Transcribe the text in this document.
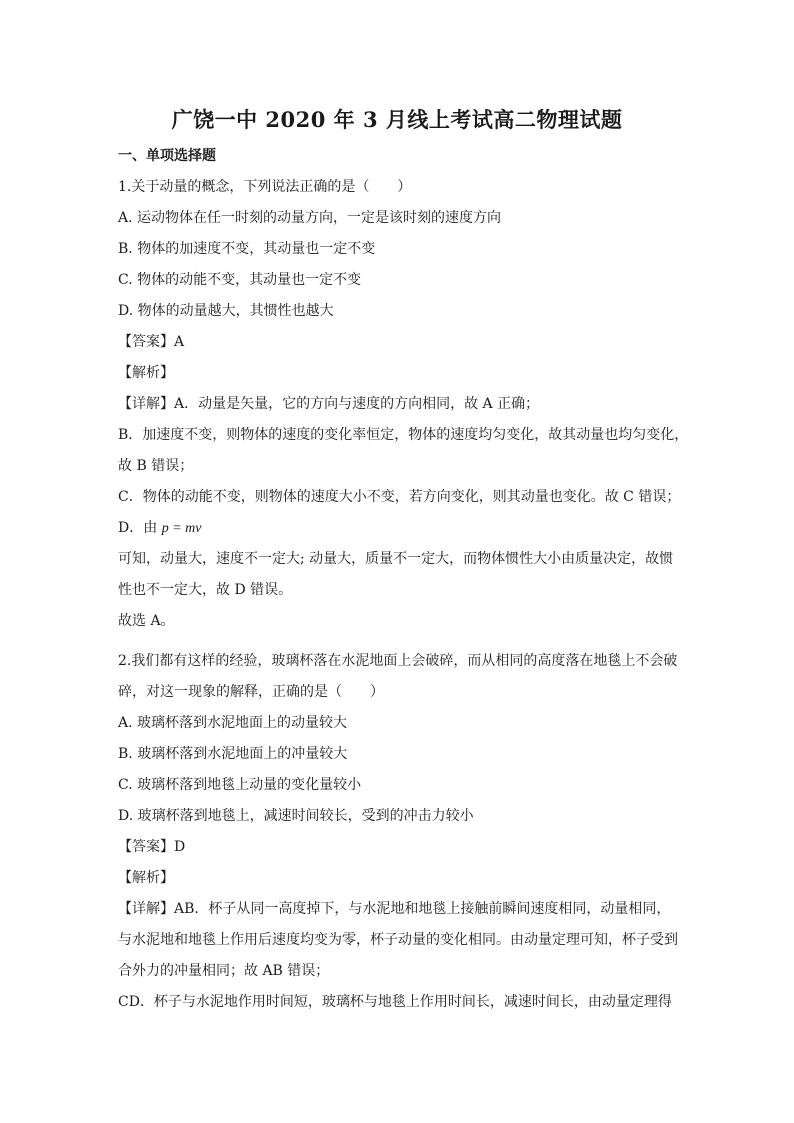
广饶一中 2020 年 3 月线上考试高二物理试题
一、单项选择题
1.关于动量的概念，下列说法正确的是（　　）
A. 运动物体在任一时刻的动量方向，一定是该时刻的速度方向
B. 物体的加速度不变，其动量也一定不变
C. 物体的动能不变，其动量也一定不变
D. 物体的动量越大，其惯性也越大
【答案】A
【解析】
【详解】A．动量是矢量，它的方向与速度的方向相同，故 A 正确；
B．加速度不变，则物体的速度的变化率恒定，物体的速度均匀变化，故其动量也均匀变化，
故 B 错误；
C．物体的动能不变，则物体的速度大小不变，若方向变化，则其动量也变化。故 C 错误；
D．由 p = mv
可知，动量大，速度不一定大; 动量大，质量不一定大，而物体惯性大小由质量决定，故惯
性也不一定大，故 D 错误。
故选 A。
2.我们都有这样的经验，玻璃杯落在水泥地面上会破碎，而从相同的高度落在地毯上不会破
碎，对这一现象的解释，正确的是（　　）
A. 玻璃杯落到水泥地面上的动量较大
B. 玻璃杯落到水泥地面上的冲量较大
C. 玻璃杯落到地毯上动量的变化量较小
D. 玻璃杯落到地毯上，减速时间较长，受到的冲击力较小
【答案】D
【解析】
【详解】AB．杯子从同一高度掉下，与水泥地和地毯上接触前瞬间速度相同，动量相同，
与水泥地和地毯上作用后速度均变为零，杯子动量的变化相同。由动量定理可知，杯子受到
合外力的冲量相同；故 AB 错误；
CD．杯子与水泥地作用时间短，玻璃杯与地毯上作用时间长，减速时间长，由动量定理得
